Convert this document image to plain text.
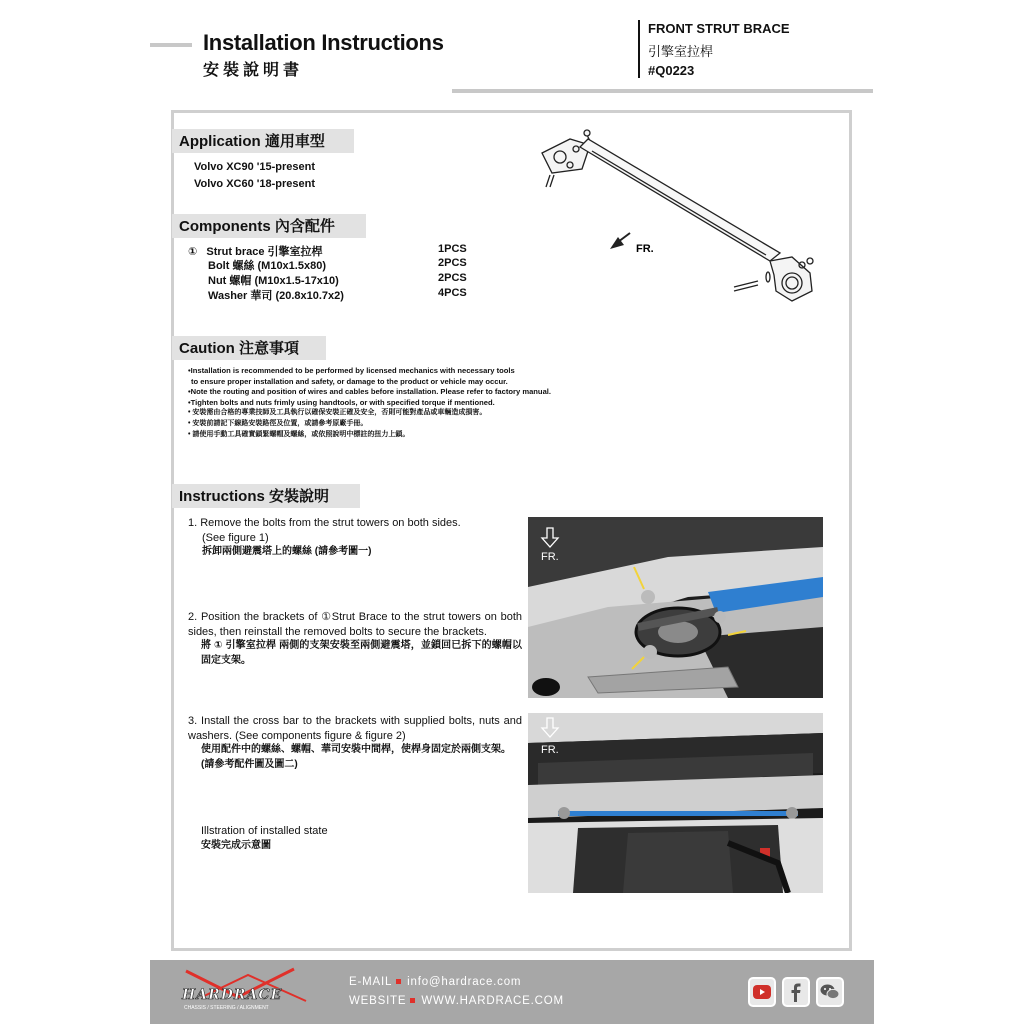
Installation Instructions
安裝說明書
FRONT STRUT BRACE
引擎室拉桿
#Q0223
Application 適用車型
Volvo XC90 '15-present
Volvo XC60 '18-present
Components 內含配件
① Strut brace 引擎室拉桿	1PCS
Bolt 螺絲 (M10x1.5x80)	2PCS
Nut 螺帽 (M10x1.5-17x10)	2PCS
Washer 華司 (20.8x10.7x2)	4PCS
FR.
Caution 注意事項
•Installation is recommended to be performed by licensed mechanics with necessary tools
to ensure proper installation and safety, or damage to the product or vehicle may occur.
•Note the routing and position of wires and cables before installation. Please refer to factory manual.
•Tighten bolts and nuts frimly using handtools, or with specified torque if mentioned.
• 安裝需由合格的專業技師及工具執行以確保安裝正確及安全，否則可能對產品或車輛造成損害。
• 安裝前請記下線路安裝路徑及位置，或請參考原廠手冊。
• 請使用手動工具確實鎖緊螺帽及螺絲，或依照說明中標註的扭力上鎖。
Instructions 安裝說明
1. Remove the bolts from the strut towers on both sides.
(See figure 1)
拆卸兩側避震塔上的螺絲 (請參考圖一)
2. Position the brackets of ①Strut Brace to the strut towers on both sides, then reinstall the removed bolts to secure the brackets.
將 ① 引擎室拉桿 兩側的支架安裝至兩側避震塔，並鎖回已拆下的螺帽以固定支架。
3. Install the cross bar to the brackets with supplied bolts, nuts and washers. (See components figure & figure 2)
使用配件中的螺絲、螺帽、華司安裝中間桿，使桿身固定於兩側支架。
(請參考配件圖及圖二)
Illstration of installed state
安裝完成示意圖
FR.
FR.
HARDRACE
CHASSIS / STEERING / ALIGNMENT
E-MAIL info@hardrace.com
WEBSITE WWW.HARDRACE.COM
